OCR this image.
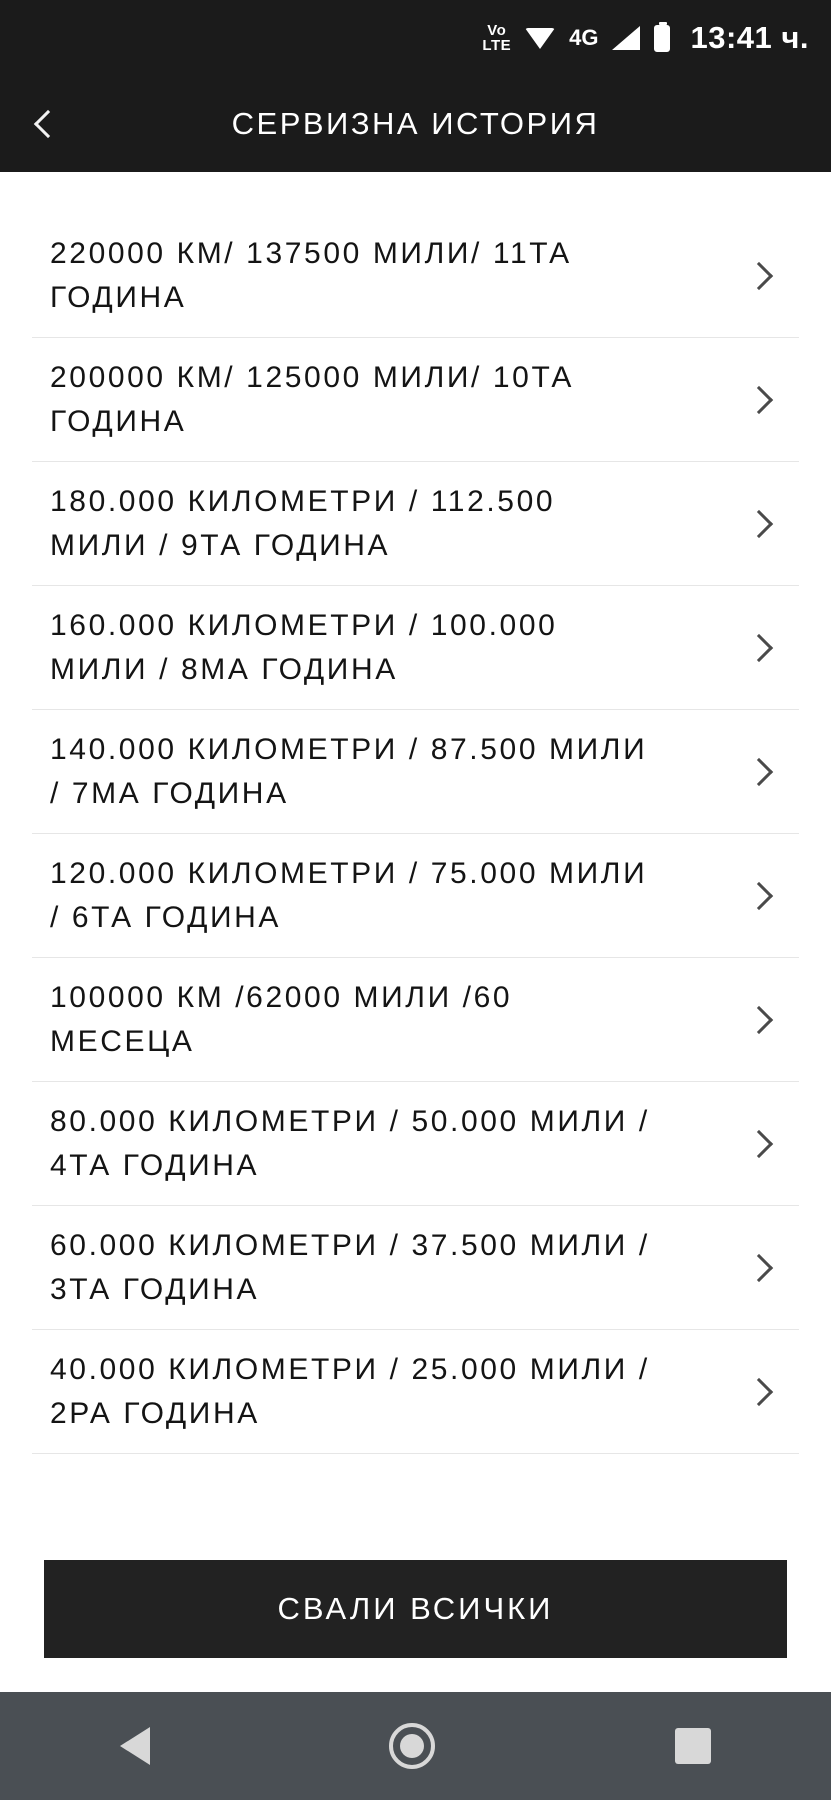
Vo
LTE	4G	13:41 ч.
СЕРВИЗНА ИСТОРИЯ
220000 КМ/ 137500 МИЛИ/ 11ТА ГОДИНА
200000 КМ/ 125000 МИЛИ/ 10ТА ГОДИНА
180.000 КИЛОМЕТРИ / 112.500 МИЛИ / 9ТА ГОДИНА
160.000 КИЛОМЕТРИ / 100.000 МИЛИ / 8МА ГОДИНА
140.000 КИЛОМЕТРИ / 87.500 МИЛИ / 7МА ГОДИНА
120.000 КИЛОМЕТРИ / 75.000 МИЛИ / 6ТА ГОДИНА
100000 КМ /62000 МИЛИ /60 МЕСЕЦА
80.000 КИЛОМЕТРИ / 50.000 МИЛИ / 4ТА ГОДИНА
60.000 КИЛОМЕТРИ / 37.500 МИЛИ / 3ТА ГОДИНА
40.000 КИЛОМЕТРИ / 25.000 МИЛИ / 2РА ГОДИНА
СВАЛИ ВСИЧКИ
